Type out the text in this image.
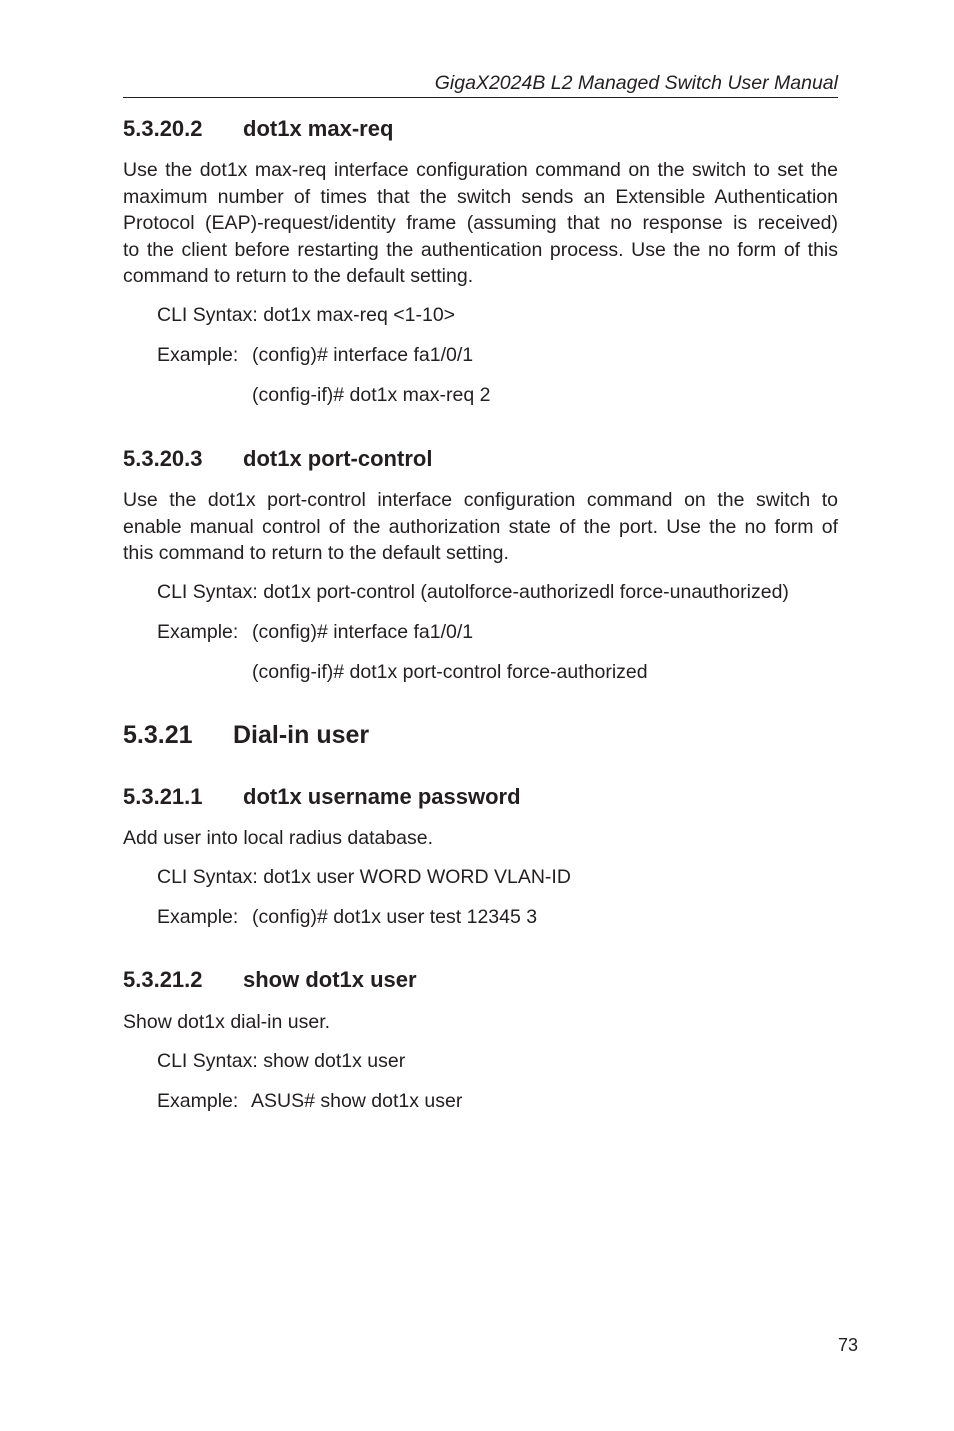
GigaX2024B L2 Managed Switch User Manual
5.3.20.2 dot1x max-req
Use the dot1x max-req interface configuration command on the switch to set the
maximum number of times that the switch sends an Extensible Authentication
Protocol (EAP)-request/identity frame (assuming that no response is received)
to the client before restarting the authentication process. Use the no form of this
command to return to the default setting.
CLI Syntax: dot1x max-req <1-10>
Example: (config)# interface fa1/0/1
(config-if)# dot1x max-req 2
5.3.20.3 dot1x port-control
Use the dot1x port-control interface configuration command on the switch to
enable manual control of the authorization state of the port. Use the no form of
this command to return to the default setting.
CLI Syntax: dot1x port-control (autolforce-authorizedl force-unauthorized)
Example: (config)# interface fa1/0/1
(config-if)# dot1x port-control force-authorized
5.3.21 Dial-in user
5.3.21.1 dot1x username password
Add user into local radius database.
CLI Syntax: dot1x user WORD WORD VLAN-ID
Example: (config)# dot1x user test 12345 3
5.3.21.2 show dot1x user
Show dot1x dial-in user.
CLI Syntax: show dot1x user
Example: ASUS# show dot1x user
73
